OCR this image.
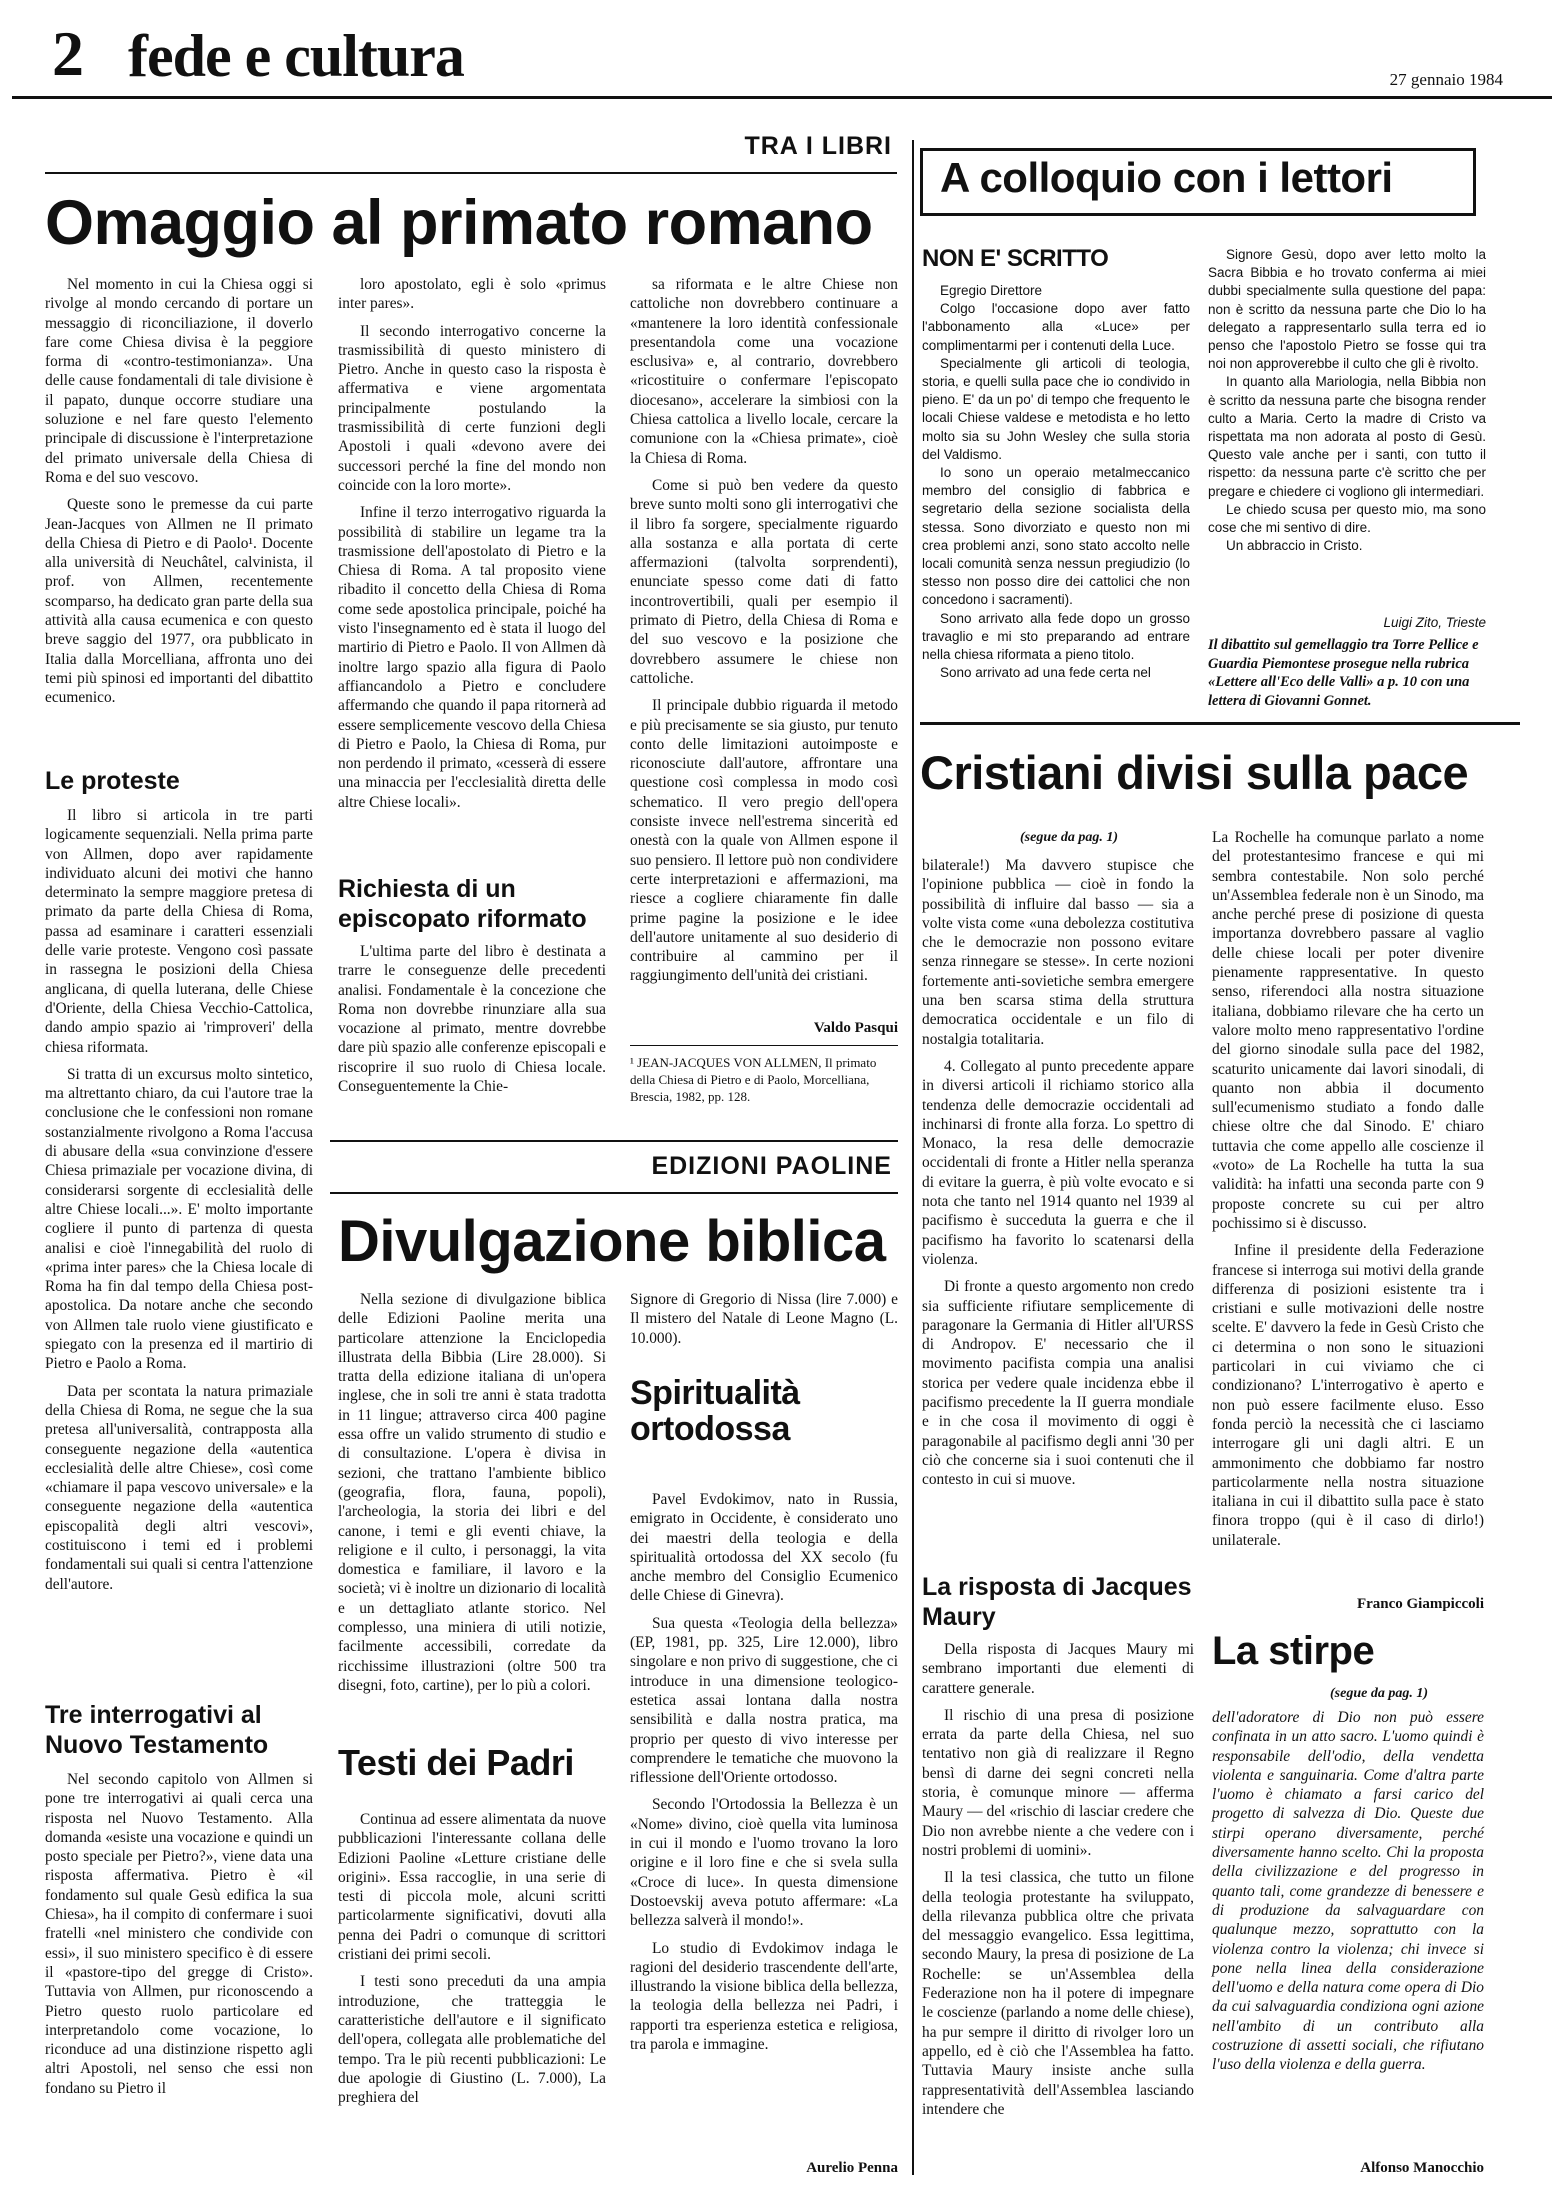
2 fede e cultura	27 gennaio 1984
TRA I LIBRI
Omaggio al primato romano

Nel momento in cui la Chiesa oggi si rivolge al mondo cercando di portare un messaggio di riconciliazione, il doverlo fare come Chiesa divisa è la peggiore forma di «contro-testimonianza». Una delle cause fondamentali di tale divisione è il papato, dunque occorre studiare una soluzione e nel fare questo l'elemento principale di discussione è l'interpretazione del primato universale della Chiesa di Roma e del suo vescovo.

Queste sono le premesse da cui parte Jean-Jacques von Allmen ne Il primato della Chiesa di Pietro e di Paolo¹. Docente alla università di Neuchâtel, calvinista, il prof. von Allmen, recentemente scomparso, ha dedicato gran parte della sua attività alla causa ecumenica e con questo breve saggio del 1977, ora pubblicato in Italia dalla Morcelliana, affronta uno dei temi più spinosi ed importanti del dibattito ecumenico.

Le proteste

Il libro si articola in tre parti logicamente sequenziali. Nella prima parte von Allmen, dopo aver rapidamente individuato alcuni dei motivi che hanno determinato la sempre maggiore pretesa di primato da parte della Chiesa di Roma, passa ad esaminare i caratteri essenziali delle varie proteste. Vengono così passate in rassegna le posizioni della Chiesa anglicana, di quella luterana, delle Chiese d'Oriente, della Chiesa Vecchio-Cattolica, dando ampio spazio ai 'rimproveri' della chiesa riformata.

Si tratta di un excursus molto sintetico, ma altrettanto chiaro, da cui l'autore trae la conclusione che le confessioni non romane sostanzialmente rivolgono a Roma l'accusa di abusare della «sua convinzione d'essere Chiesa primaziale per vocazione divina, di considerarsi sorgente di ecclesialità delle altre Chiese locali...». E' molto importante cogliere il punto di partenza di questa analisi e cioè l'innegabilità del ruolo di «prima inter pares» che la Chiesa locale di Roma ha fin dal tempo della Chiesa post-apostolica. Da notare anche che secondo von Allmen tale ruolo viene giustificato e spiegato con la presenza ed il martirio di Pietro e Paolo a Roma.

Data per scontata la natura primaziale della Chiesa di Roma, ne segue che la sua pretesa all'universalità, contrapposta alla conseguente negazione della «autentica ecclesialità delle altre Chiese», così come «chiamare il papa vescovo universale» e la conseguente negazione della «autentica episcopalità degli altri vescovi», costituiscono i temi ed i problemi fondamentali sui quali si centra l'attenzione dell'autore.

Tre interrogativi al Nuovo Testamento

Nel secondo capitolo von Allmen si pone tre interrogativi ai quali cerca una risposta nel Nuovo Testamento. Alla domanda «esiste una vocazione e quindi un posto speciale per Pietro?», viene data una risposta affermativa. Pietro è «il fondamento sul quale Gesù edifica la sua Chiesa», ha il compito di confermare i suoi fratelli «nel ministero che condivide con essi», il suo ministero specifico è di essere il «pastore-tipo del gregge di Cristo». Tuttavia von Allmen, pur riconoscendo a Pietro questo ruolo particolare ed interpretandolo come vocazione, lo riconduce ad una distinzione rispetto agli altri Apostoli, nel senso che essi non fondano su Pietro il

loro apostolato, egli è solo «primus inter pares».

Il secondo interrogativo concerne la trasmissibilità di questo ministero di Pietro. Anche in questo caso la risposta è affermativa e viene argomentata principalmente postulando la trasmissibilità di certe funzioni degli Apostoli i quali «devono avere dei successori perché la fine del mondo non coincide con la loro morte».

Infine il terzo interrogativo riguarda la possibilità di stabilire un legame tra la trasmissione dell'apostolato di Pietro e la Chiesa di Roma. A tal proposito viene ribadito il concetto della Chiesa di Roma come sede apostolica principale, poiché ha visto l'insegnamento ed è stata il luogo del martirio di Pietro e Paolo. Il von Allmen dà inoltre largo spazio alla figura di Paolo affiancandolo a Pietro e concludere affermando che quando il papa ritornerà ad essere semplicemente vescovo della Chiesa di Pietro e Paolo, la Chiesa di Roma, pur non perdendo il primato, «cesserà di essere una minaccia per l'ecclesialità diretta delle altre Chiese locali».

Richiesta di un episcopato riformato

L'ultima parte del libro è destinata a trarre le conseguenze delle precedenti analisi. Fondamentale è la concezione che Roma non dovrebbe rinunziare alla sua vocazione al primato, mentre dovrebbe dare più spazio alle conferenze episcopali e riscoprire il suo ruolo di Chiesa locale. Conseguentemente la Chie-

sa riformata e le altre Chiese non cattoliche non dovrebbero continuare a «mantenere la loro identità confessionale presentandola come una vocazione esclusiva» e, al contrario, dovrebbero «ricostituire o confermare l'episcopato diocesano», accelerare la simbiosi con la Chiesa cattolica a livello locale, cercare la comunione con la «Chiesa primate», cioè la Chiesa di Roma.

Come si può ben vedere da questo breve sunto molti sono gli interrogativi che il libro fa sorgere, specialmente riguardo alla sostanza e alla portata di certe affermazioni (talvolta sorprendenti), enunciate spesso come dati di fatto incontrovertibili, quali per esempio il primato di Pietro, della Chiesa di Roma e del suo vescovo e la posizione che dovrebbero assumere le chiese non cattoliche.

Il principale dubbio riguarda il metodo e più precisamente se sia giusto, pur tenuto conto delle limitazioni autoimposte e riconosciute dall'autore, affrontare una questione così complessa in modo così schematico. Il vero pregio dell'opera consiste invece nell'estrema sincerità ed onestà con la quale von Allmen espone il suo pensiero. Il lettore può non condividere certe interpretazioni e affermazioni, ma riesce a cogliere chiaramente fin dalle prime pagine la posizione e le idee dell'autore unitamente al suo desiderio di contribuire al cammino per il raggiungimento dell'unità dei cristiani.

Valdo Pasqui
¹ JEAN-JACQUES VON ALLMEN, Il primato della Chiesa di Pietro e di Paolo, Morcelliana, Brescia, 1982, pp. 128.
EDIZIONI PAOLINE
Divulgazione biblica

Nella sezione di divulgazione biblica delle Edizioni Paoline merita una particolare attenzione la Enciclopedia illustrata della Bibbia (Lire 28.000). Si tratta della edizione italiana di un'opera inglese, che in soli tre anni è stata tradotta in 11 lingue; attraverso circa 400 pagine essa offre un valido strumento di studio e di consultazione. L'opera è divisa in sezioni, che trattano l'ambiente biblico (geografia, flora, fauna, popoli), l'archeologia, la storia dei libri e del canone, i temi e gli eventi chiave, la religione e il culto, i personaggi, la vita domestica e familiare, il lavoro e la società; vi è inoltre un dizionario di località e un dettagliato atlante storico. Nel complesso, una miniera di utili notizie, facilmente accessibili, corredate da ricchissime illustrazioni (oltre 500 tra disegni, foto, cartine), per lo più a colori.

Testi dei Padri

Continua ad essere alimentata da nuove pubblicazioni l'interessante collana delle Edizioni Paoline «Letture cristiane delle origini». Essa raccoglie, in una serie di testi di piccola mole, alcuni scritti particolarmente significativi, dovuti alla penna dei Padri o comunque di scrittori cristiani dei primi secoli.

I testi sono preceduti da una ampia introduzione, che tratteggia le caratteristiche dell'autore e il significato dell'opera, collegata alle problematiche del tempo. Tra le più recenti pubblicazioni: Le due apologie di Giustino (L. 7.000), La preghiera del

Signore di Gregorio di Nissa (lire 7.000) e Il mistero del Natale di Leone Magno (L. 10.000).

Spiritualità ortodossa

Pavel Evdokimov, nato in Russia, emigrato in Occidente, è considerato uno dei maestri della teologia e della spiritualità ortodossa del XX secolo (fu anche membro del Consiglio Ecumenico delle Chiese di Ginevra).

Sua questa «Teologia della bellezza» (EP, 1981, pp. 325, Lire 12.000), libro singolare e non privo di suggestione, che ci introduce in una dimensione teologico-estetica assai lontana dalla nostra sensibilità e dalla nostra pratica, ma proprio per questo di vivo interesse per comprendere le tematiche che muovono la riflessione dell'Oriente ortodosso.

Secondo l'Ortodossia la Bellezza è un «Nome» divino, cioè quella vita luminosa in cui il mondo e l'uomo trovano la loro origine e il loro fine e che si svela sulla «Croce di luce». In questa dimensione Dostoevskij aveva potuto affermare: «La bellezza salverà il mondo!».

Lo studio di Evdokimov indaga le ragioni del desiderio trascendente dell'arte, illustrando la visione biblica della bellezza, la teologia della bellezza nei Padri, i rapporti tra esperienza estetica e religiosa, tra parola e immagine.

Aurelio Penna
A colloquio con i lettori
NON E' SCRITTO

Egregio Direttore

Colgo l'occasione dopo aver fatto l'abbonamento alla «Luce» per complimentarmi per i contenuti della Luce.

Specialmente gli articoli di teologia, storia, e quelli sulla pace che io condivido in pieno. E' da un po' di tempo che frequento le locali Chiese valdese e metodista e ho letto molto sia su John Wesley che sulla storia del Valdismo.

Io sono un operaio metalmeccanico membro del consiglio di fabbrica e segretario della sezione socialista della stessa. Sono divorziato e questo non mi crea problemi anzi, sono stato accolto nelle locali comunità senza nessun pregiudizio (lo stesso non posso dire dei cattolici che non concedono i sacramenti).

Sono arrivato alla fede dopo un grosso travaglio e mi sto preparando ad entrare nella chiesa riformata a pieno titolo.

Sono arrivato ad una fede certa nel

Signore Gesù, dopo aver letto molto la Sacra Bibbia e ho trovato conferma ai miei dubbi specialmente sulla questione del papa: non è scritto da nessuna parte che Dio lo ha delegato a rappresentarlo sulla terra ed io penso che l'apostolo Pietro se fosse qui tra noi non approverebbe il culto che gli è rivolto.

In quanto alla Mariologia, nella Bibbia non è scritto da nessuna parte che bisogna render culto a Maria. Certo la madre di Cristo va rispettata ma non adorata al posto di Gesù. Questo vale anche per i santi, con tutto il rispetto: da nessuna parte c'è scritto che per pregare e chiedere ci vogliono gli intermediari.

Le chiedo scusa per questo mio, ma sono cose che mi sentivo di dire.

Un abbraccio in Cristo.

Luigi Zito, Trieste
Il dibattito sul gemellaggio tra Torre Pellice e Guardia Piemontese prosegue nella rubrica «Lettere all'Eco delle Valli» a p. 10 con una lettera di Giovanni Gonnet.
Cristiani divisi sulla pace
(segue da pag. 1)

bilaterale!) Ma davvero stupisce che l'opinione pubblica — cioè in fondo la possibilità di influire dal basso — sia a volte vista come «una debolezza costitutiva che le democrazie non possono evitare senza rinnegare se stesse». In certe nozioni fortemente anti-sovietiche sembra emergere una ben scarsa stima della struttura democratica occidentale e un filo di nostalgia totalitaria.

4. Collegato al punto precedente appare in diversi articoli il richiamo storico alla tendenza delle democrazie occidentali ad inchinarsi di fronte alla forza. Lo spettro di Monaco, la resa delle democrazie occidentali di fronte a Hitler nella speranza di evitare la guerra, è più volte evocato e si nota che tanto nel 1914 quanto nel 1939 al pacifismo è succeduta la guerra e che il pacifismo ha favorito lo scatenarsi della violenza.

Di fronte a questo argomento non credo sia sufficiente rifiutare semplicemente di paragonare la Germania di Hitler all'URSS di Andropov. E' necessario che il movimento pacifista compia una analisi storica per vedere quale incidenza ebbe il pacifismo precedente la II guerra mondiale e in che cosa il movimento di oggi è paragonabile al pacifismo degli anni '30 per ciò che concerne sia i suoi contenuti che il contesto in cui si muove.

La risposta di Jacques Maury

Della risposta di Jacques Maury mi sembrano importanti due elementi di carattere generale.

Il rischio di una presa di posizione errata da parte della Chiesa, nel suo tentativo non già di realizzare il Regno bensì di darne dei segni concreti nella storia, è comunque minore — afferma Maury — del «rischio di lasciar credere che Dio non avrebbe niente a che vedere con i nostri problemi di uomini».

Il la tesi classica, che tutto un filone della teologia protestante ha sviluppato, della rilevanza pubblica oltre che privata del messaggio evangelico. Essa legittima, secondo Maury, la presa di posizione de La Rochelle: se un'Assemblea della Federazione non ha il potere di impegnare le coscienze (parlando a nome delle chiese), ha pur sempre il diritto di rivolger loro un appello, ed è ciò che l'Assemblea ha fatto. Tuttavia Maury insiste anche sulla rappresentatività dell'Assemblea lasciando intendere che

La Rochelle ha comunque parlato a nome del protestantesimo francese e qui mi sembra contestabile. Non solo perché un'Assemblea federale non è un Sinodo, ma anche perché prese di posizione di questa importanza dovrebbero passare al vaglio delle chiese locali per poter divenire pienamente rappresentative. In questo senso, riferendoci alla nostra situazione italiana, dobbiamo rilevare che ha certo un valore molto meno rappresentativo l'ordine del giorno sinodale sulla pace del 1982, scaturito unicamente dai lavori sinodali, di quanto non abbia il documento sull'ecumenismo studiato a fondo dalle chiese oltre che dal Sinodo. E' chiaro tuttavia che come appello alle coscienze il «voto» de La Rochelle ha tutta la sua validità: ha infatti una seconda parte con 9 proposte concrete su cui per altro pochissimo si è discusso.

Infine il presidente della Federazione francese si interroga sui motivi della grande differenza di posizioni esistente tra i cristiani e sulle motivazioni delle nostre scelte. E' davvero la fede in Gesù Cristo che ci determina o non sono le situazioni particolari in cui viviamo che ci condizionano? L'interrogativo è aperto e non può essere facilmente eluso. Esso fonda perciò la necessità che ci lasciamo interrogare gli uni dagli altri. E un ammonimento che dobbiamo far nostro particolarmente nella nostra situazione italiana in cui il dibattito sulla pace è stato finora troppo (qui è il caso di dirlo!) unilaterale.

Franco Giampiccoli
La stirpe
(segue da pag. 1)
dell'adoratore di Dio non può essere confinata in un atto sacro. L'uomo quindi è responsabile dell'odio, della vendetta violenta e sanguinaria. Come d'altra parte l'uomo è chiamato a farsi carico del progetto di salvezza di Dio. Queste due stirpi operano diversamente, perché diversamente hanno scelto. Chi la proposta della civilizzazione e del progresso in quanto tali, come grandezze di benessere e di produzione da salvaguardare con qualunque mezzo, soprattutto con la violenza contro la violenza; chi invece si pone nella linea della considerazione dell'uomo e della natura come opera di Dio da cui salvaguardia condiziona ogni azione nell'ambito di un contributo alla costruzione di assetti sociali, che rifiutano l'uso della violenza e della guerra.
Alfonso Manocchio
